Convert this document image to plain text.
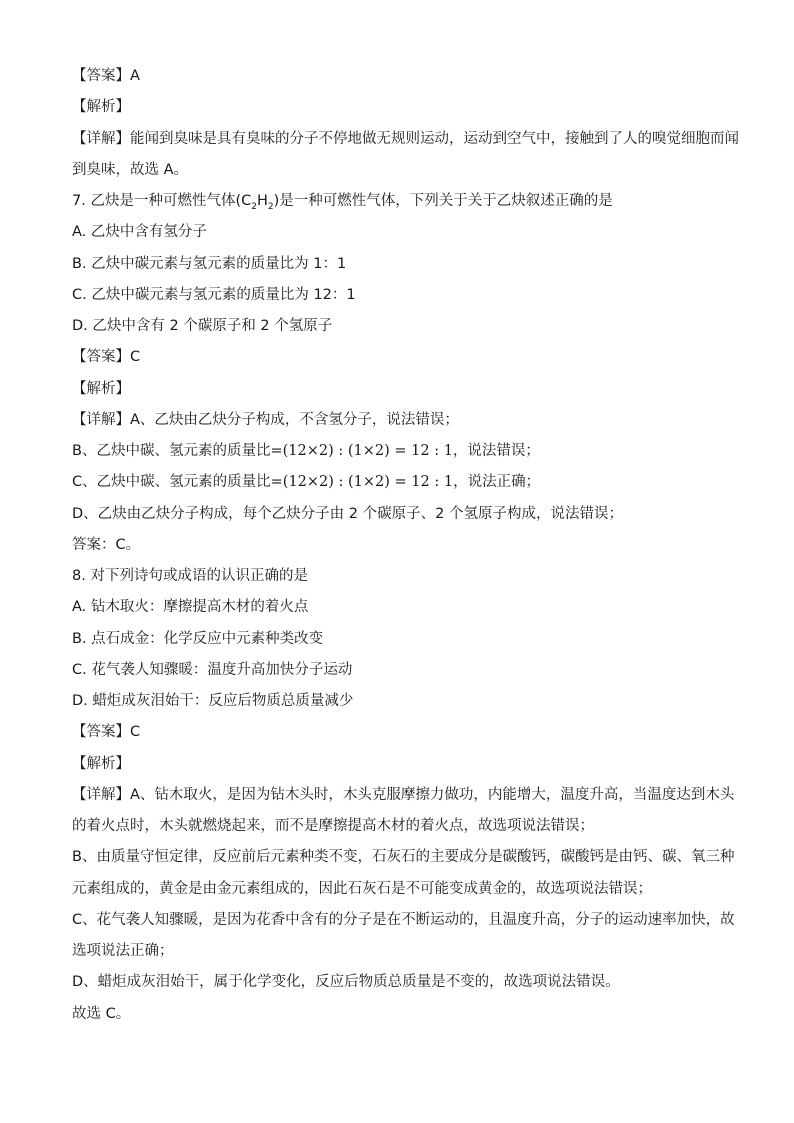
【答案】A
【解析】
【详解】能闻到臭味是具有臭味的分子不停地做无规则运动，运动到空气中，接触到了人的嗅觉细胞而闻
到臭味，故选 A。
7. 乙炔是一种可燃性气体$(C_2H_2)$是一种可燃性气体，下列关于关于乙炔叙述正确的是
A. 乙炔中含有氢分子
B. 乙炔中碳元素与氢元素的质量比为 1：1
C. 乙炔中碳元素与氢元素的质量比为 12：1
D. 乙炔中含有 2 个碳原子和 2 个氢原子
【答案】C
【解析】
【详解】A、乙炔由乙炔分子构成，不含氢分子，说法错误；
B、乙炔中碳、氢元素的质量比=(12×2) : (1×2) = 12 : 1，说法错误；
C、乙炔中碳、氢元素的质量比=(12×2) : (1×2) = 12 : 1，说法正确；
D、乙炔由乙炔分子构成，每个乙炔分子由 2 个碳原子、2 个氢原子构成，说法错误；
答案：C。
8. 对下列诗句或成语的认识正确的是
A. 钻木取火：摩擦提高木材的着火点
B. 点石成金：化学反应中元素种类改变
C. 花气袭人知骤暖：温度升高加快分子运动
D. 蜡炬成灰泪始干：反应后物质总质量减少
【答案】C
【解析】
【详解】A、钻木取火，是因为钻木头时，木头克服摩擦力做功，内能增大，温度升高，当温度达到木头
的着火点时，木头就燃烧起来，而不是摩擦提高木材的着火点，故选项说法错误；
B、由质量守恒定律，反应前后元素种类不变，石灰石的主要成分是碳酸钙，碳酸钙是由钙、碳、氧三种
元素组成的，黄金是由金元素组成的，因此石灰石是不可能变成黄金的，故选项说法错误；
C、花气袭人知骤暖，是因为花香中含有的分子是在不断运动的，且温度升高，分子的运动速率加快，故
选项说法正确；
D、蜡炬成灰泪始干，属于化学变化，反应后物质总质量是不变的，故选项说法错误。
故选 C。
